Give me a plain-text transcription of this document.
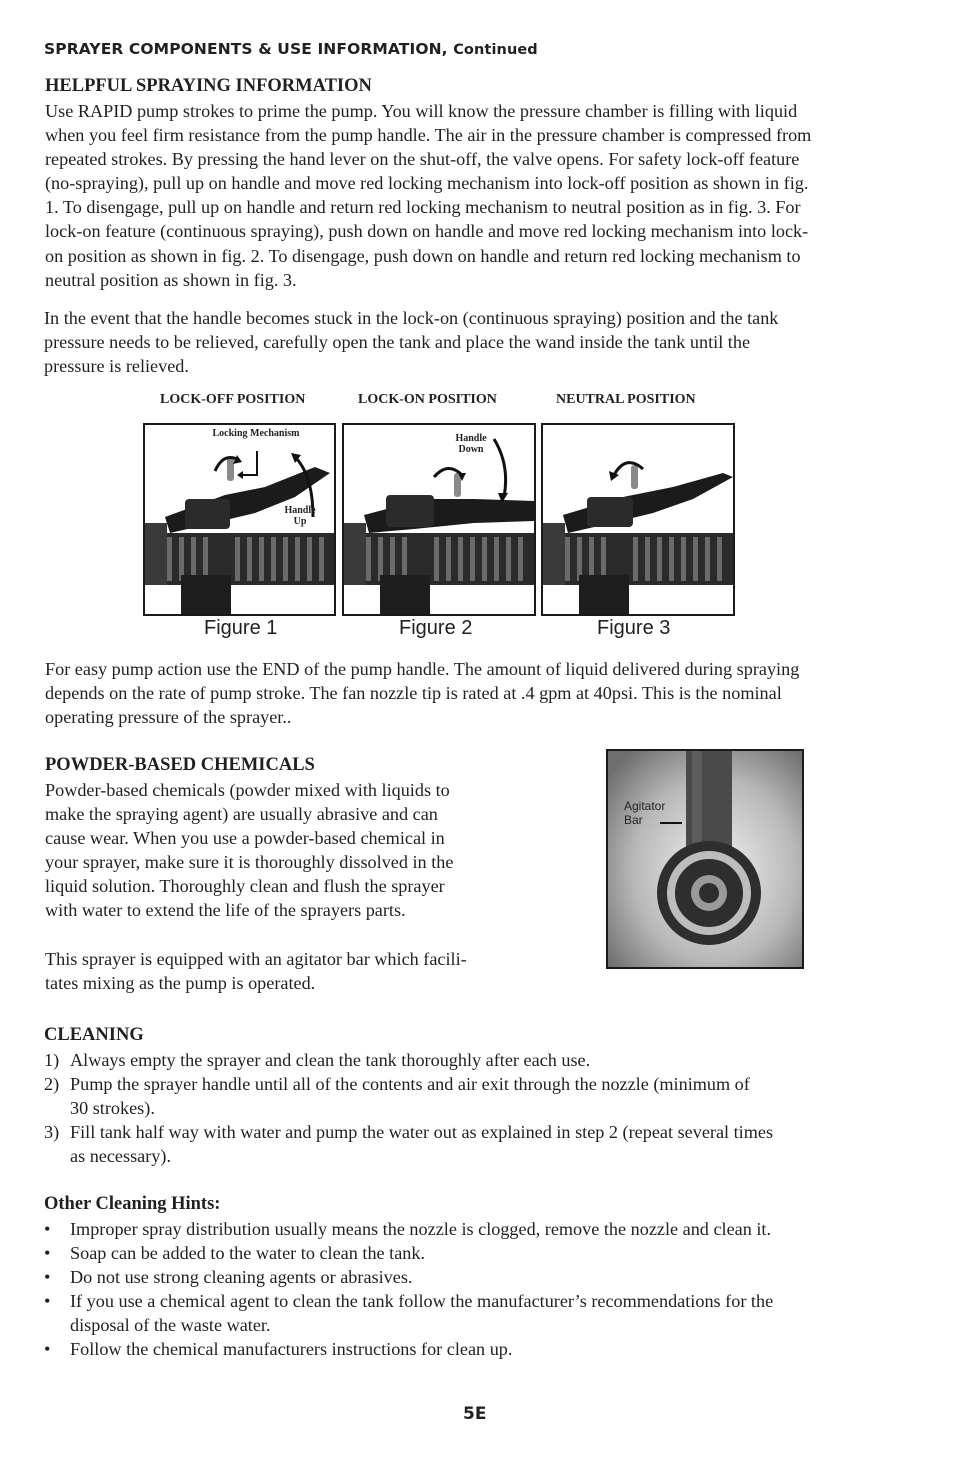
SPRAYER COMPONENTS & USE INFORMATION, Continued
HELPFUL SPRAYING INFORMATION
Use RAPID pump strokes to prime the pump. You will know the pressure chamber is filling with liquid
when you feel firm resistance from the pump handle. The air in the pressure chamber is compressed from
repeated strokes. By pressing the hand lever on the shut-off, the valve opens. For safety lock-off feature
(no-spraying), pull up on handle and move red locking mechanism into lock-off position as shown in fig.
1. To disengage, pull up on handle and return red locking mechanism to neutral position as in fig. 3. For
lock-on feature (continuous spraying), push down on handle and move red locking mechanism into lock-
on position as shown in fig. 2. To disengage, push down on handle and return red locking mechanism to
neutral position as shown in fig. 3.
In the event that the handle becomes stuck in the lock-on (continuous spraying) position and the tank
pressure needs to be relieved, carefully open the tank and place the wand inside the tank until the
pressure is relieved.
LOCK-OFF POSITION	LOCK-ON POSITION	NEUTRAL POSITION
Locking Mechanism
Handle
Up
Handle
Down
Figure 1	Figure 2	Figure 3
For easy pump action use the END of the pump handle. The amount of liquid delivered during spraying
depends on the rate of pump stroke. The fan nozzle tip is rated at .4 gpm at 40psi. This is the nominal
operating pressure of the sprayer..
POWDER-BASED CHEMICALS
Powder-based chemicals (powder mixed with liquids to
make the spraying agent) are usually abrasive and can
cause wear. When you use a powder-based chemical in
your sprayer, make sure it is thoroughly dissolved in the
liquid solution. Thoroughly clean and flush the sprayer
with water to extend the life of the sprayers parts.
This sprayer is equipped with an agitator bar which facili-
tates mixing as the pump is operated.
Agitator
Bar
CLEANING
1) Always empty the sprayer and clean the tank thoroughly after each use.
2) Pump the sprayer handle until all of the contents and air exit through the nozzle (minimum of
30 strokes).
3) Fill tank half way with water and pump the water out as explained in step 2 (repeat several times
as necessary).
Other Cleaning Hints:
• Improper spray distribution usually means the nozzle is clogged, remove the nozzle and clean it.
• Soap can be added to the water to clean the tank.
• Do not use strong cleaning agents or abrasives.
• If you use a chemical agent to clean the tank follow the manufacturer’s recommendations for the
disposal of the waste water.
• Follow the chemical manufacturers instructions for clean up.
5E
